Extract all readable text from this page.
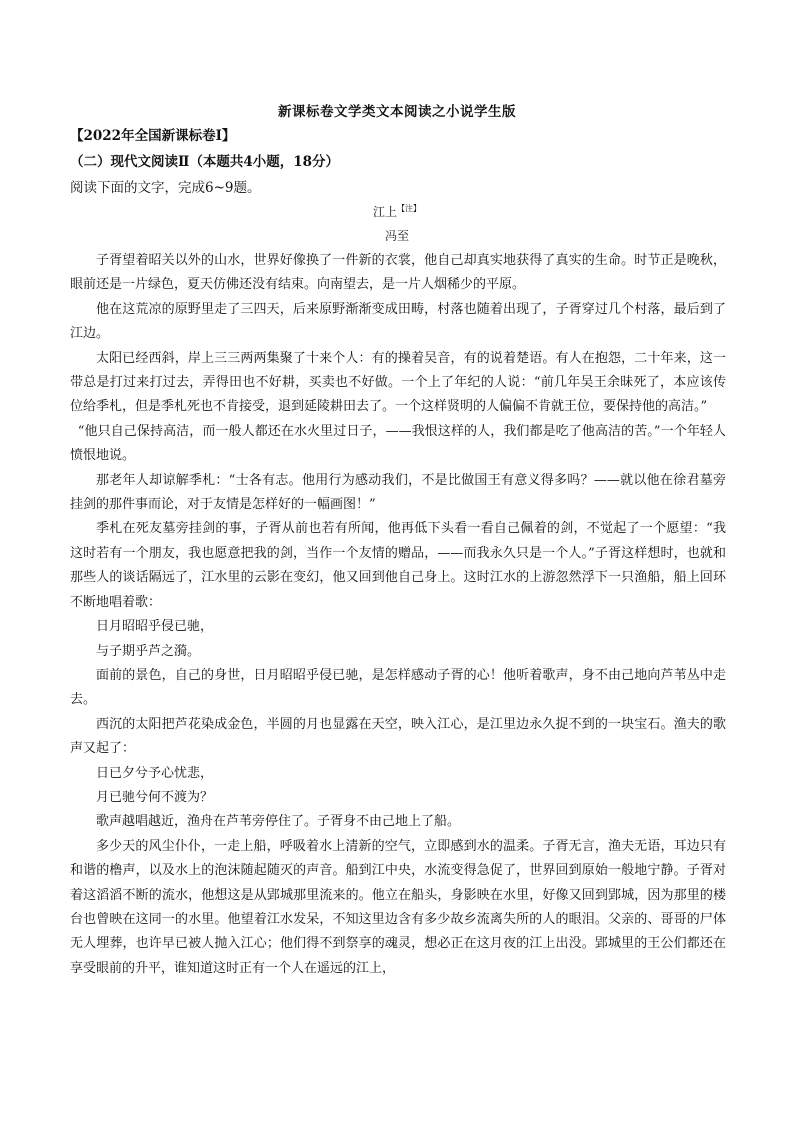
新课标卷文学类文本阅读之小说学生版
【2022年全国新课标卷Ⅰ】
（二）现代文阅读Ⅱ（本题共4小题，18分）
阅读下面的文字，完成6~9题。
江上$^{【注】}$
冯至

子胥望着昭关以外的山水，世界好像换了一件新的衣裳，他自己却真实地获得了真实的生命。时节正是晚秋，眼前还是一片绿色，夏天仿佛还没有结束。向南望去，是一片人烟稀少的平原。

他在这荒凉的原野里走了三四天，后来原野渐渐变成田畴，村落也随着出现了，子胥穿过几个村落，最后到了江边。

太阳已经西斜，岸上三三两两集聚了十来个人：有的操着吴音，有的说着楚语。有人在抱怨，二十年来，这一带总是打过来打过去，弄得田也不好耕，买卖也不好做。一个上了年纪的人说：“前几年吴王余昧死了，本应该传位给季札，但是季札死也不肯接受，退到延陵耕田去了。一个这样贤明的人偏偏不肯就王位，要保持他的高洁。”

“他只自己保持高洁，而一般人都还在水火里过日子，——我恨这样的人，我们都是吃了他高洁的苦。”一个年轻人愤恨地说。

那老年人却谅解季札：“士各有志。他用行为感动我们，不是比做国王有意义得多吗？——就以他在徐君墓旁挂剑的那件事而论，对于友情是怎样好的一幅画图！”

季札在死友墓旁挂剑的事，子胥从前也若有所闻，他再低下头看一看自己佩着的剑，不觉起了一个愿望：“我这时若有一个朋友，我也愿意把我的剑，当作一个友情的赠品，——而我永久只是一个人。”子胥这样想时，也就和那些人的谈话隔远了，江水里的云影在变幻，他又回到他自己身上。这时江水的上游忽然浮下一只渔船，船上回环不断地唱着歌：

日月昭昭乎侵已驰，

与子期乎芦之漪。

面前的景色，自己的身世，日月昭昭乎侵已驰，是怎样感动子胥的心！他听着歌声，身不由己地向芦苇丛中走去。

西沉的太阳把芦花染成金色，半圆的月也显露在天空，映入江心，是江里边永久捉不到的一块宝石。渔夫的歌声又起了：

日已夕兮予心忧悲，

月已驰兮何不渡为？

歌声越唱越近，渔舟在芦苇旁停住了。子胥身不由己地上了船。

多少天的风尘仆仆，一走上船，呼吸着水上清新的空气，立即感到水的温柔。子胥无言，渔夫无语，耳边只有和谐的橹声，以及水上的泡沫随起随灭的声音。船到江中央，水流变得急促了，世界回到原始一般地宁静。子胥对着这滔滔不断的流水，他想这是从郢城那里流来的。他立在船头，身影映在水里，好像又回到郢城，因为那里的楼台也曾映在这同一的水里。他望着江水发呆，不知这里边含有多少故乡流离失所的人的眼泪。父亲的、哥哥的尸体无人埋葬，也许早已被人抛入江心；他们得不到祭享的魂灵，想必正在这月夜的江上出没。郢城里的王公们都还在享受眼前的升平，谁知道这时正有一个人在遥远的江上，
